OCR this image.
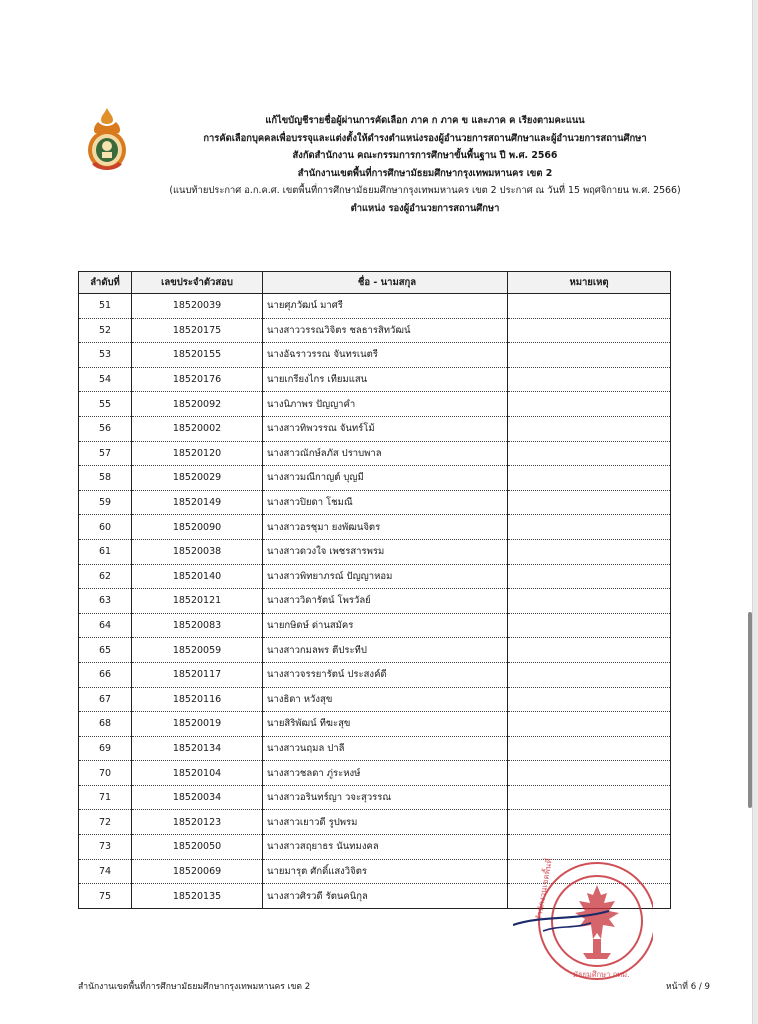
แก้ไขบัญชีรายชื่อผู้ผ่านการคัดเลือก ภาค ก ภาค ข และภาค ค เรียงตามคะแนน
การคัดเลือกบุคคลเพื่อบรรจุและแต่งตั้งให้ดำรงตำแหน่งรองผู้อำนวยการสถานศึกษาและผู้อำนวยการสถานศึกษา
สังกัดสำนักงาน คณะกรรมการการศึกษาขั้นพื้นฐาน ปี พ.ศ. 2566
สำนักงานเขตพื้นที่การศึกษามัธยมศึกษากรุงเทพมหานคร เขต 2
(แนบท้ายประกาศ อ.ก.ค.ศ. เขตพื้นที่การศึกษามัธยมศึกษากรุงเทพมหานคร เขต 2 ประกาศ ณ วันที่ 15 พฤศจิกายน พ.ศ. 2566)
ตำแหน่ง รองผู้อำนวยการสถานศึกษา
ลำดับที่	เลขประจำตัวสอบ	ชื่อ - นามสกุล	หมายเหตุ
51	18520039	นายศุภวัฒน์ มาศรี	
52	18520175	นางสาววรรณวิจิตร ชลธารสิทวัฒน์	
53	18520155	นางอัฉราวรรณ จันทรเนตรี	
54	18520176	นายเกรียงไกร เทียมแสน	
55	18520092	นางนิภาพร ปัญญาคำ	
56	18520002	นางสาวทิพวรรณ จันทร์โม้	
57	18520120	นางสาวณักษ์ลภัส ปราบพาล	
58	18520029	นางสาวมณีกาญต์ บุญมี	
59	18520149	นางสาวปิยดา โชมณี	
60	18520090	นางสาวอรชุมา ยงพัฒนจิตร	
61	18520038	นางสาวดวงใจ เพชรสารพรม	
62	18520140	นางสาวพิทยาภรณ์ ปัญญาหอม	
63	18520121	นางสาววิดารัตน์ โพรวัลย์	
64	18520083	นายกษิดษ์ ด่านสมัคร	
65	18520059	นางสาวกมลพร ตีประทีป	
66	18520117	นางสาวจรรยารัตน์ ประสงค์ดี	
67	18520116	นางธิดา หวังสุข	
68	18520019	นายสิริพัฒน์ ทีฆะสุข	
69	18520134	นางสาวนฤมล ปาลี	
70	18520104	นางสาวชลดา ภู่ระหงษ์	
71	18520034	นางสาวอรินทร์ญา วจะสุวรรณ	
72	18520123	นางสาวเยาวดี รูปพรม	
73	18520050	นางสาวสฤยาธร นันทมงคล	
74	18520069	นายมารุต ศักดิ์แสงวิจิตร	
75	18520135	นางสาวศิรวดี รัตนคนิกุล		สำนักงานเขตพื้นที่
มัธยมศึกษา กทม.
สำนักงานเขตพื้นที่การศึกษามัธยมศึกษากรุงเทพมหานคร เขต 2	หน้าที่ 6 / 9
